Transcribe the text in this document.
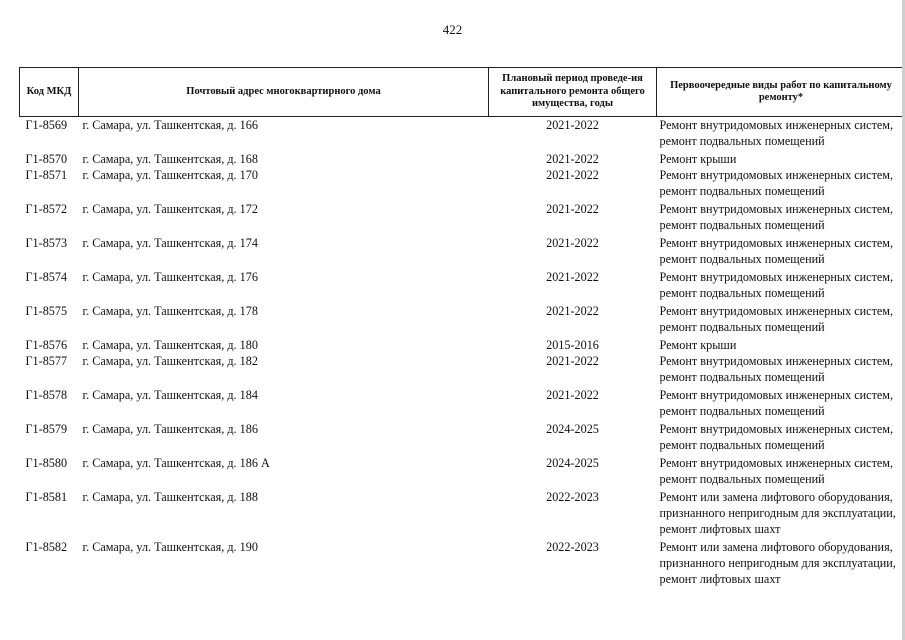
422
Код МКД	Почтовый адрес многоквартирного дома	Плановый период проведе-ия капитального ремонта общего имущества, годы	Первоочередные виды работ по капитальному ремонту*
Г1-8569	г. Самара, ул. Ташкентская, д. 166	2021-2022	Ремонт внутридомовых инженерных систем,
ремонт подвальных помещений

Г1-8570	г. Самара, ул. Ташкентская, д. 168	2021-2022	Ремонт крыши

Г1-8571	г. Самара, ул. Ташкентская, д. 170	2021-2022	Ремонт внутридомовых инженерных систем,
ремонт подвальных помещений

Г1-8572	г. Самара, ул. Ташкентская, д. 172	2021-2022	Ремонт внутридомовых инженерных систем,
ремонт подвальных помещений

Г1-8573	г. Самара, ул. Ташкентская, д. 174	2021-2022	Ремонт внутридомовых инженерных систем,
ремонт подвальных помещений

Г1-8574	г. Самара, ул. Ташкентская, д. 176	2021-2022	Ремонт внутридомовых инженерных систем,
ремонт подвальных помещений

Г1-8575	г. Самара, ул. Ташкентская, д. 178	2021-2022	Ремонт внутридомовых инженерных систем,
ремонт подвальных помещений

Г1-8576	г. Самара, ул. Ташкентская, д. 180	2015-2016	Ремонт крыши

Г1-8577	г. Самара, ул. Ташкентская, д. 182	2021-2022	Ремонт внутридомовых инженерных систем,
ремонт подвальных помещений

Г1-8578	г. Самара, ул. Ташкентская, д. 184	2021-2022	Ремонт внутридомовых инженерных систем,
ремонт подвальных помещений

Г1-8579	г. Самара, ул. Ташкентская, д. 186	2024-2025	Ремонт внутридомовых инженерных систем,
ремонт подвальных помещений

Г1-8580	г. Самара, ул. Ташкентская, д. 186 А	2024-2025	Ремонт внутридомовых инженерных систем,
ремонт подвальных помещений

Г1-8581	г. Самара, ул. Ташкентская, д. 188	2022-2023	Ремонт или замена лифтового оборудования,
признанного непригодным для эксплуатации,
ремонт лифтовых шахт

Г1-8582	г. Самара, ул. Ташкентская, д. 190	2022-2023	Ремонт или замена лифтового оборудования,
признанного непригодным для эксплуатации,
ремонт лифтовых шахт
